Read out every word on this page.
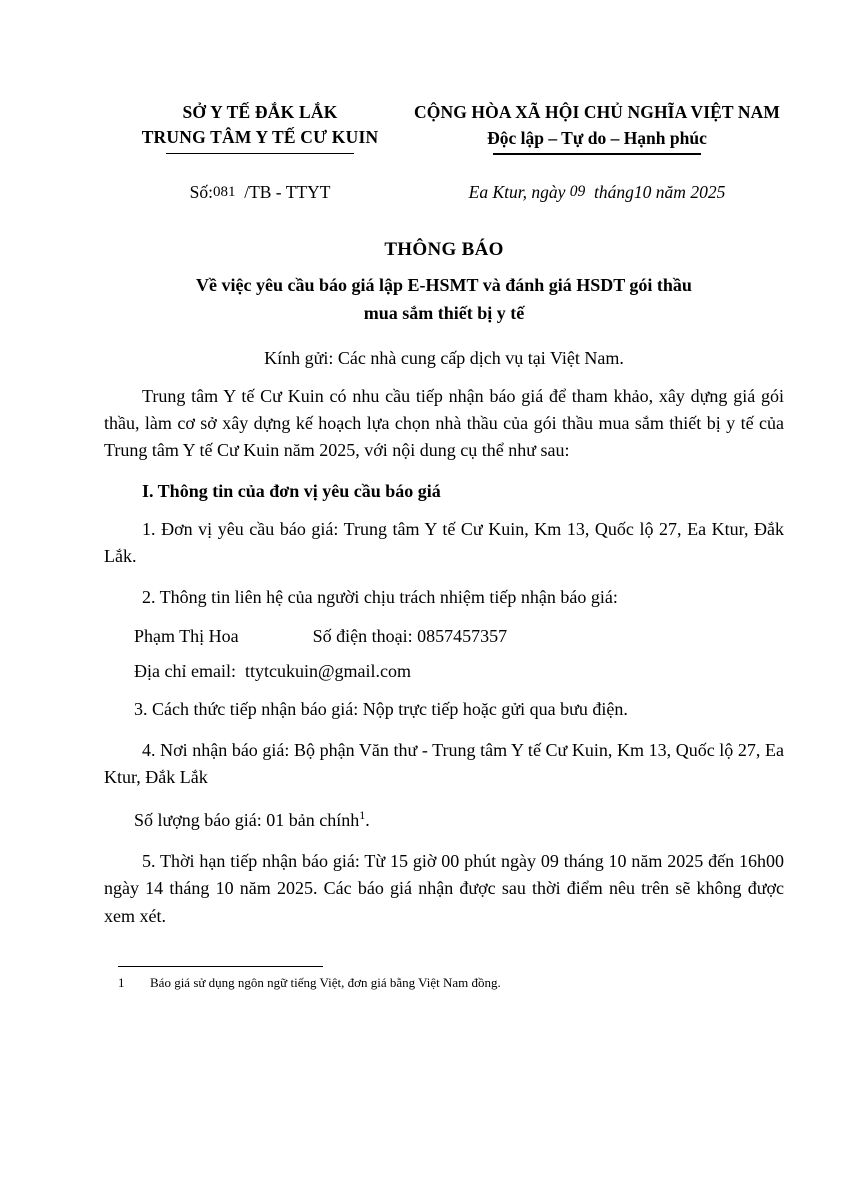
SỞ Y TẾ ĐẮK LẮK
TRUNG TÂM Y TẾ CƯ KUIN
CỘNG HÒA XÃ HỘI CHỦ NGHĨA VIỆT NAM
Độc lập – Tự do – Hạnh phúc
Số:081 /TB - TTYT	Ea Ktur, ngày 09 tháng10 năm 2025
THÔNG BÁO
Về việc yêu cầu báo giá lập E-HSMT và đánh giá HSDT gói thầu
mua sắm thiết bị y tế
Kính gửi: Các nhà cung cấp dịch vụ tại Việt Nam.

Trung tâm Y tế Cư Kuin có nhu cầu tiếp nhận báo giá để tham khảo, xây dựng giá gói thầu, làm cơ sở xây dựng kế hoạch lựa chọn nhà thầu của gói thầu mua sắm thiết bị y tế của Trung tâm Y tế Cư Kuin năm 2025, với nội dung cụ thể như sau:

I. Thông tin của đơn vị yêu cầu báo giá

1. Đơn vị yêu cầu báo giá: Trung tâm Y tế Cư Kuin, Km 13, Quốc lộ 27, Ea Ktur, Đắk Lắk.

2. Thông tin liên hệ của người chịu trách nhiệm tiếp nhận báo giá:

Phạm Thị Hoa	Số điện thoại: 0857457357
Địa chỉ email: ttytcukuin@gmail.com

3. Cách thức tiếp nhận báo giá: Nộp trực tiếp hoặc gửi qua bưu điện.

4. Nơi nhận báo giá: Bộ phận Văn thư - Trung tâm Y tế Cư Kuin, Km 13, Quốc lộ 27, Ea Ktur, Đắk Lắk

Số lượng báo giá: 01 bản chính$^1$.

5. Thời hạn tiếp nhận báo giá: Từ 15 giờ 00 phút ngày 09 tháng 10 năm 2025 đến 16h00 ngày 14 tháng 10 năm 2025. Các báo giá nhận được sau thời điểm nêu trên sẽ không được xem xét.

1 Báo giá sử dụng ngôn ngữ tiếng Việt, đơn giá bằng Việt Nam đồng.
